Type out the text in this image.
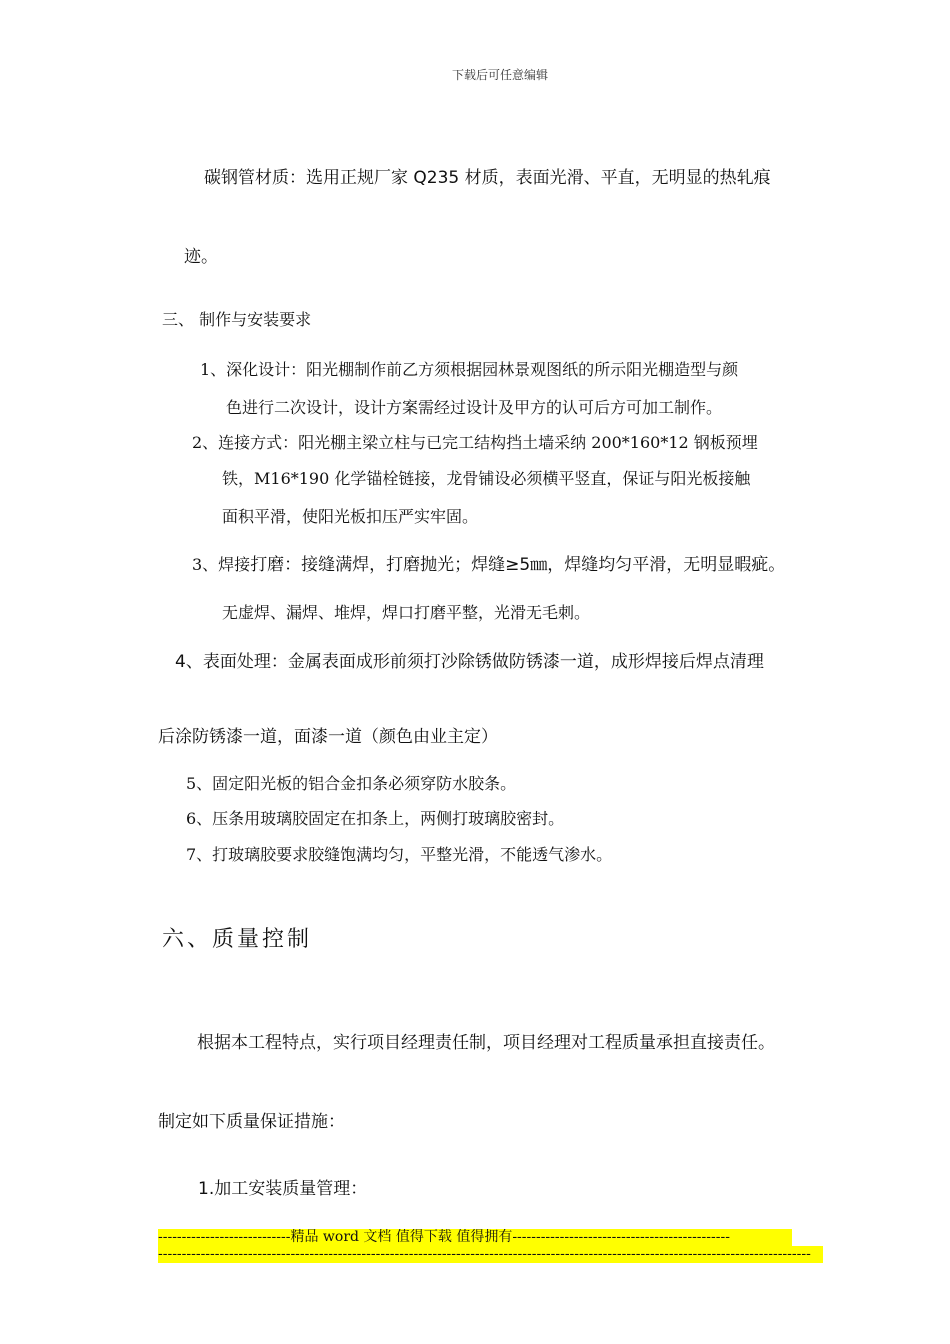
下载后可任意编辑
碳钢管材质：选用正规厂家 Q235 材质，表面光滑、平直，无明显的热轧痕
迹。
三、 制作与安装要求
1、深化设计：阳光棚制作前乙方须根据园林景观图纸的所示阳光棚造型与颜
色进行二次设计，设计方案需经过设计及甲方的认可后方可加工制作。
2、连接方式：阳光棚主梁立柱与已完工结构挡土墙采纳 200*160*12 钢板预埋
铁，M16*190 化学锚栓链接，龙骨铺设必须横平竖直，保证与阳光板接触
面积平滑，使阳光板扣压严实牢固。
3、焊接打磨：接缝满焊，打磨抛光；焊缝≥5㎜，焊缝均匀平滑，无明显暇疵。
无虚焊、漏焊、堆焊，焊口打磨平整，光滑无毛刺。
4、表面处理：金属表面成形前须打沙除锈做防锈漆一道，成形焊接后焊点清理
后涂防锈漆一道，面漆一道（颜色由业主定）
5、固定阳光板的铝合金扣条必须穿防水胶条。
6、压条用玻璃胶固定在扣条上，两侧打玻璃胶密封。
7、打玻璃胶要求胶缝饱满均匀，平整光滑，不能透气渗水。
六、质量控制
根据本工程特点，实行项目经理责任制，项目经理对工程质量承担直接责任。
制定如下质量保证措施：
1.加工安装质量管理：
----------------------------精品 word 文档 值得下载 值得拥有----------------------------------------------
------------------------------------------------------------------------------------------------------------------------------------------
